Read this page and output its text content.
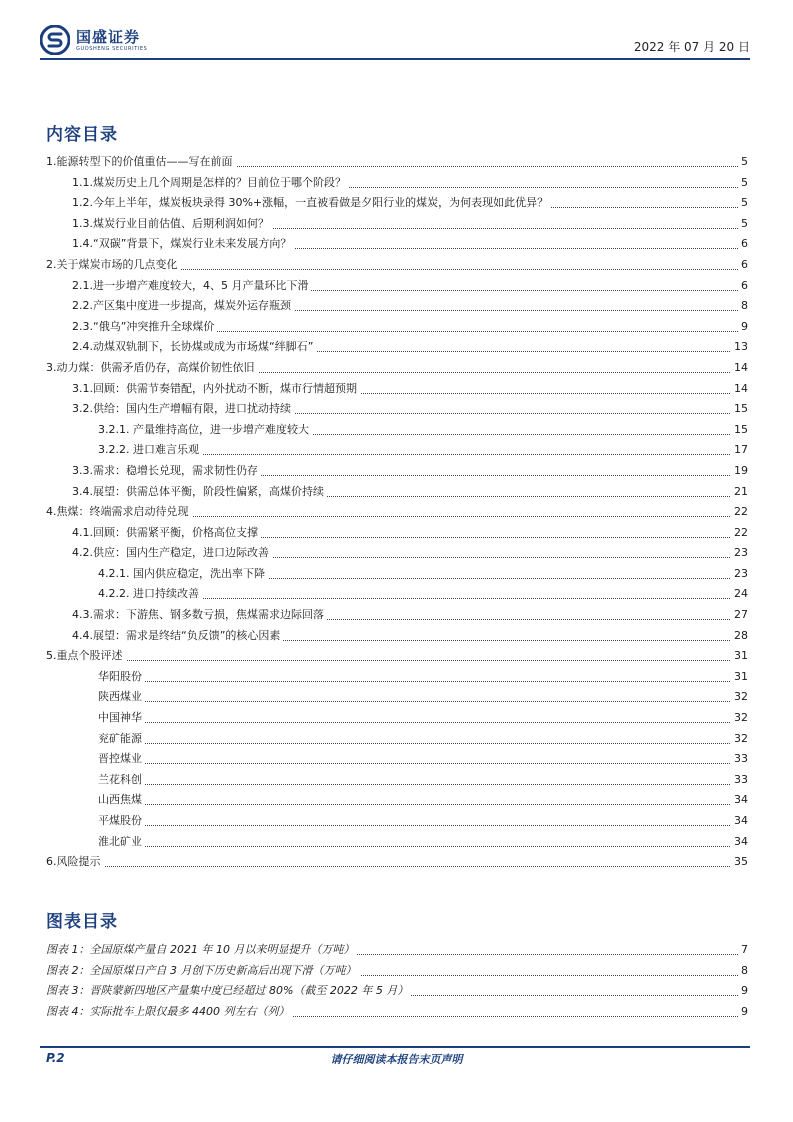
国盛证券
GUOSHENG SECURITIES	2022 年 07 月 20 日
内容目录
1.能源转型下的价值重估——写在前面	5
1.1.煤炭历史上几个周期是怎样的？目前位于哪个阶段？	5
1.2.今年上半年，煤炭板块录得 30%+涨幅，一直被看做是夕阳行业的煤炭，为何表现如此优异？	5
1.3.煤炭行业目前估值、后期利润如何？	5
1.4.“双碳”背景下，煤炭行业未来发展方向？	6
2.关于煤炭市场的几点变化	6
2.1.进一步增产难度较大，4、5 月产量环比下滑	6
2.2.产区集中度进一步提高，煤炭外运存瓶颈	8
2.3.“俄乌”冲突推升全球煤价	9
2.4.动煤双轨制下，长协煤或成为市场煤“绊脚石”	13
3.动力煤：供需矛盾仍存，高煤价韧性依旧	14
3.1.回顾：供需节奏错配，内外扰动不断，煤市行情超预期	14
3.2.供给：国内生产增幅有限，进口扰动持续	15
3.2.1. 产量维持高位，进一步增产难度较大	15
3.2.2. 进口难言乐观	17
3.3.需求：稳增长兑现，需求韧性仍存	19
3.4.展望：供需总体平衡，阶段性偏紧，高煤价持续	21
4.焦煤：终端需求启动待兑现	22
4.1.回顾：供需紧平衡，价格高位支撑	22
4.2.供应：国内生产稳定，进口边际改善	23
4.2.1. 国内供应稳定，洗出率下降	23
4.2.2. 进口持续改善	24
4.3.需求：下游焦、钢多数亏损，焦煤需求边际回落	27
4.4.展望：需求是终结“负反馈”的核心因素	28
5.重点个股评述	31
华阳股份	31
陕西煤业	32
中国神华	32
兖矿能源	32
晋控煤业	33
兰花科创	33
山西焦煤	34
平煤股份	34
淮北矿业	34
6.风险提示	35
图表目录
图表 1：全国原煤产量自 2021 年 10 月以来明显提升（万吨）	7
图表 2：全国原煤日产自 3 月创下历史新高后出现下滑（万吨）	8
图表 3：晋陕蒙新四地区产量集中度已经超过 80%（截至 2022 年 5 月）	9
图表 4：实际批车上限仅最多 4400 列左右（列）	9
P.2	请仔细阅读本报告末页声明
